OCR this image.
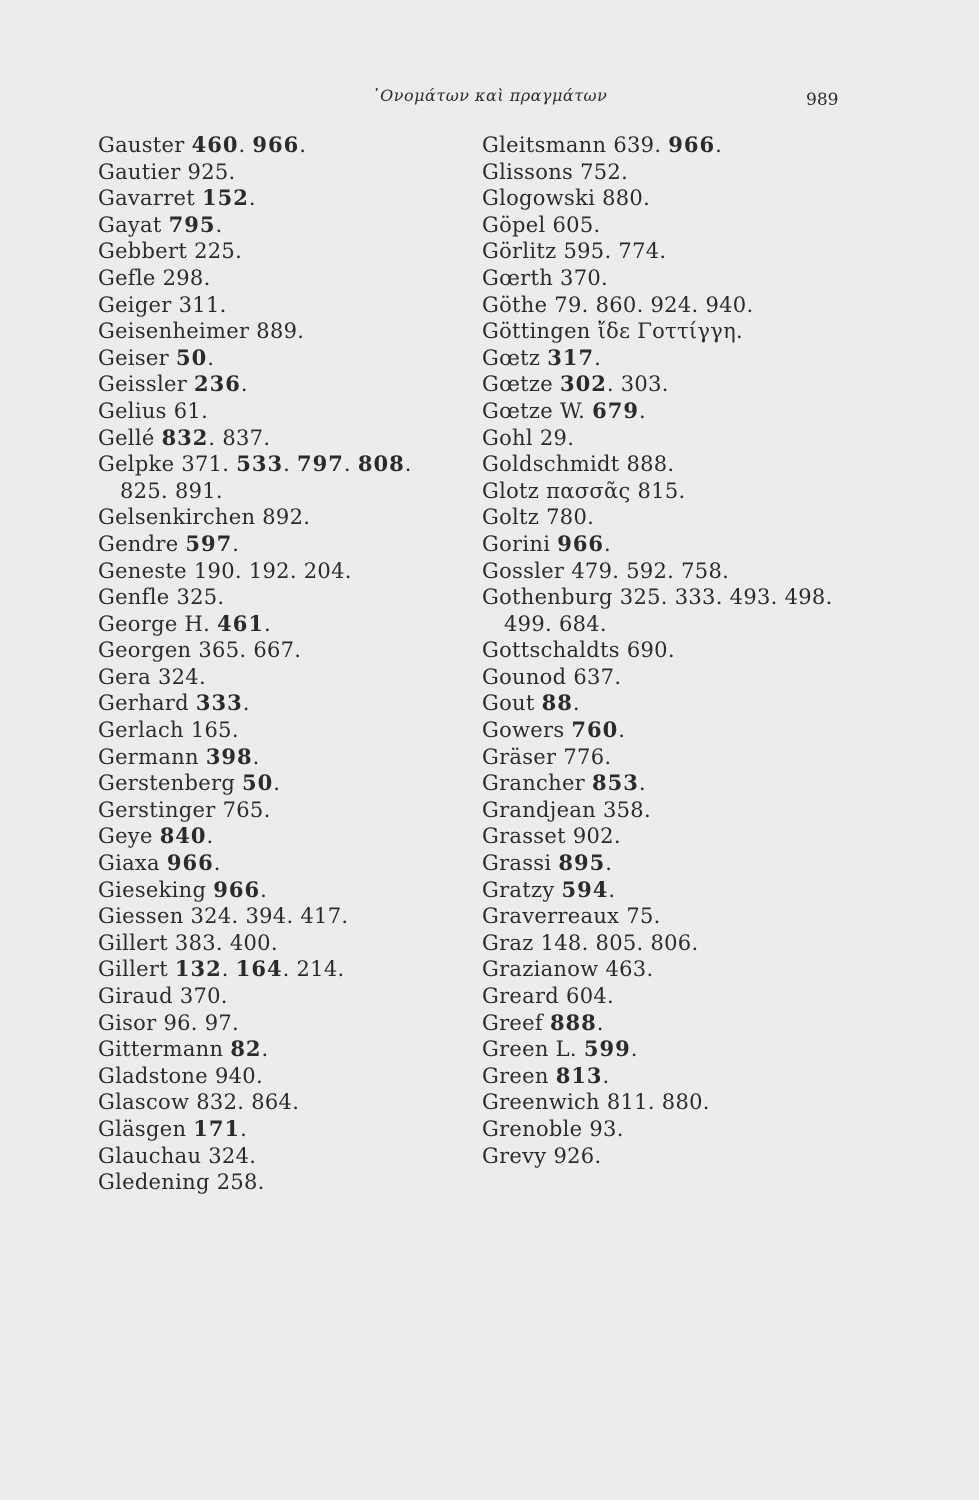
᾿Ονομάτων καὶ πραγμάτων	989
Gauster 460. 966.
Gautier 925.
Gavarret 152.
Gayat 795.
Gebbert 225.
Gefle 298.
Geiger 311.
Geisenheimer 889.
Geiser 50.
Geissler 236.
Gelius 61.
Gellé 832. 837.
Gelpke 371. 533. 797. 808.
825. 891.
Gelsenkirchen 892.
Gendre 597.
Geneste 190. 192. 204.
Genfle 325.
George H. 461.
Georgen 365. 667.
Gera 324.
Gerhard 333.
Gerlach 165.
Germann 398.
Gerstenberg 50.
Gerstinger 765.
Geye 840.
Giaxa 966.
Gieseking 966.
Giessen 324. 394. 417.
Gillert 383. 400.
Gillert 132. 164. 214.
Giraud 370.
Gisor 96. 97.
Gittermann 82.
Gladstone 940.
Glascow 832. 864.
Gläsgen 171.
Glauchau 324.
Gledening 258.
Gleitsmann 639. 966.
Glissons 752.
Glogowski 880.
Göpel 605.
Görlitz 595. 774.
Gœrth 370.
Göthe 79. 860. 924. 940.
Göttingen ἴδε Γοττίγγη.
Gœtz 317.
Gœtze 302. 303.
Gœtze W. 679.
Gohl 29.
Goldschmidt 888.
Glotz πασσᾶς 815.
Goltz 780.
Gorini 966.
Gossler 479. 592. 758.
Gothenburg 325. 333. 493. 498.
499. 684.
Gottschaldts 690.
Gounod 637.
Gout 88.
Gowers 760.
Gräser 776.
Grancher 853.
Grandjean 358.
Grasset 902.
Grassi 895.
Gratzy 594.
Graverreaux 75.
Graz 148. 805. 806.
Grazianow 463.
Greard 604.
Greef 888.
Green L. 599.
Green 813.
Greenwich 811. 880.
Grenoble 93.
Grevy 926.
